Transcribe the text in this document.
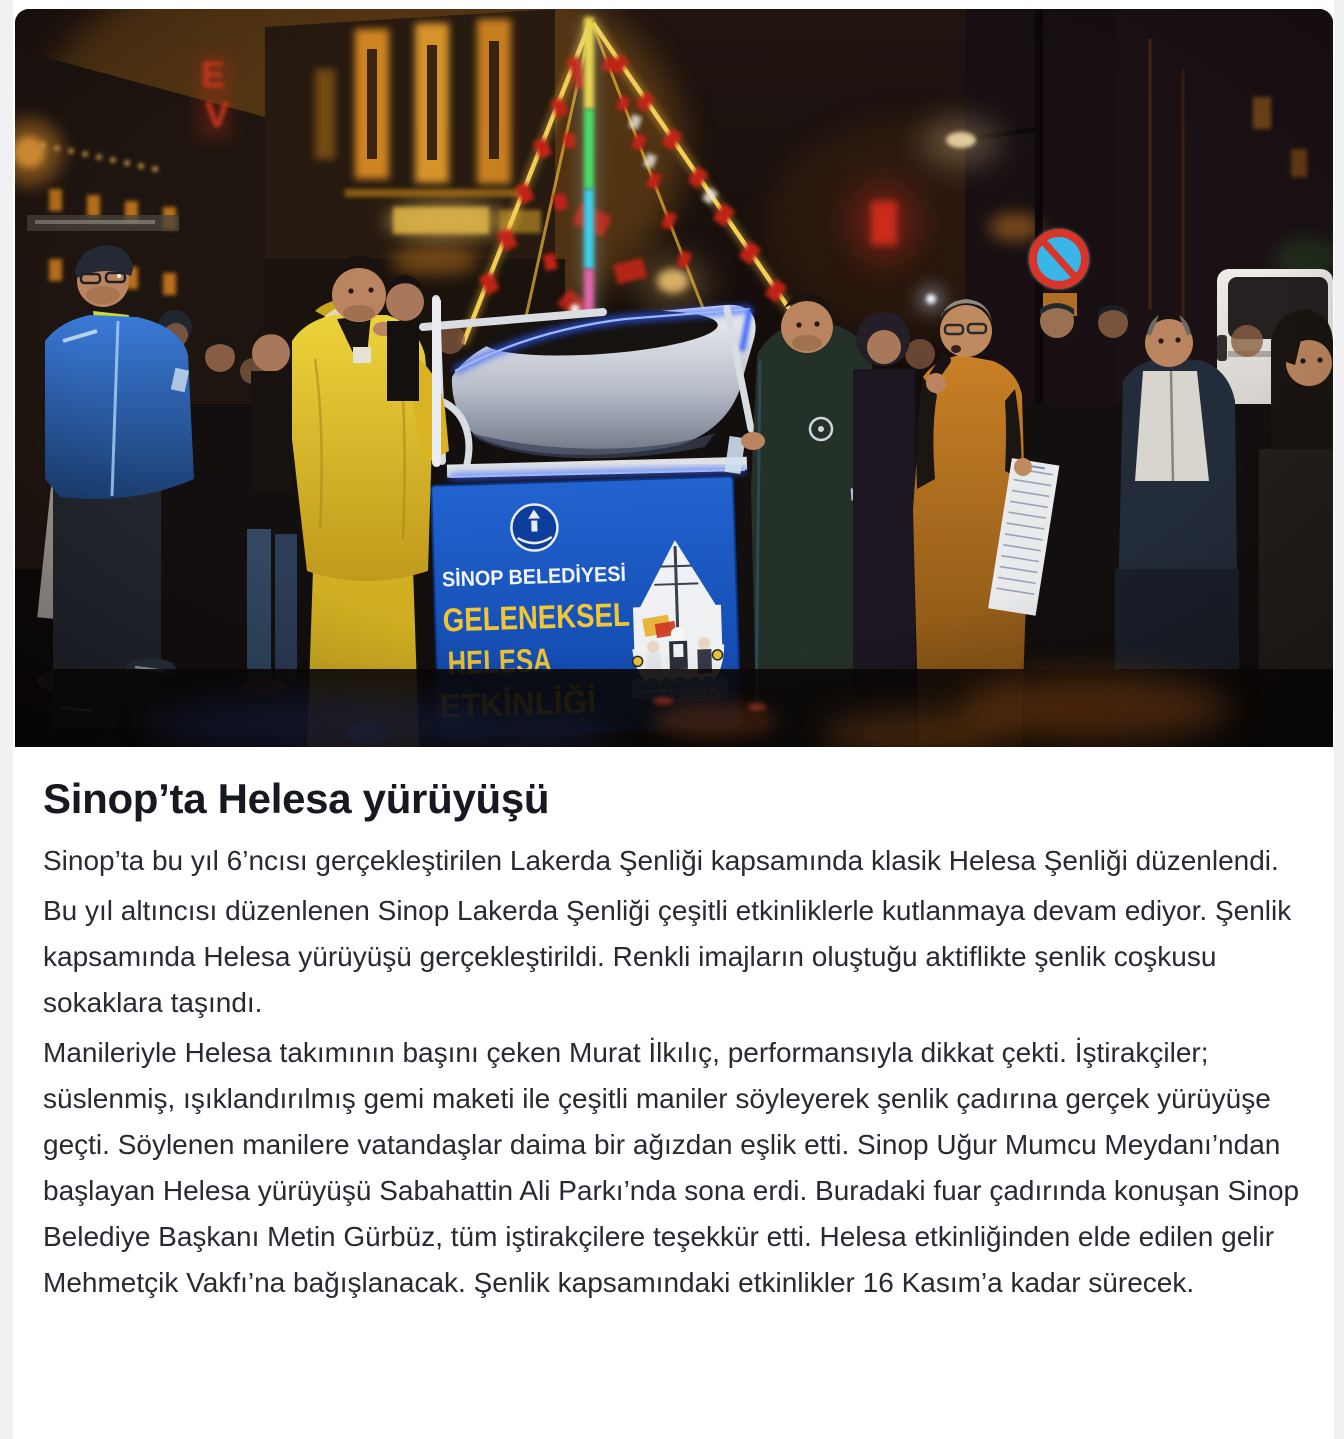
Sinop’ta Helesa yürüyüşü

Sinop’ta bu yıl 6’ncısı gerçekleştirilen Lakerda Şenliği kapsamında klasik Helesa Şenliği düzenlendi.

Bu yıl altıncısı düzenlenen Sinop Lakerda Şenliği çeşitli etkinliklerle kutlanmaya devam ediyor. Şenlik kapsamında Helesa yürüyüşü gerçekleştirildi. Renkli imajların oluştuğu aktiflikte şenlik coşkusu sokaklara taşındı.

Manileriyle Helesa takımının başını çeken Murat İlkılıç, performansıyla dikkat çekti. İştirakçiler; süslenmiş, ışıklandırılmış gemi maketi ile çeşitli maniler söyleyerek şenlik çadırına gerçek yürüyüşe geçti. Söylenen manilere vatandaşlar daima bir ağızdan eşlik etti. Sinop Uğur Mumcu Meydanı’ndan başlayan Helesa yürüyüşü Sabahattin Ali Parkı’nda sona erdi. Buradaki fuar çadırında konuşan Sinop Belediye Başkanı Metin Gürbüz, tüm iştirakçilere teşekkür etti. Helesa etkinliğinden elde edilen gelir Mehmetçik Vakfı’na bağışlanacak. Şenlik kapsamındaki etkinlikler 16 Kasım’a kadar sürecek.
